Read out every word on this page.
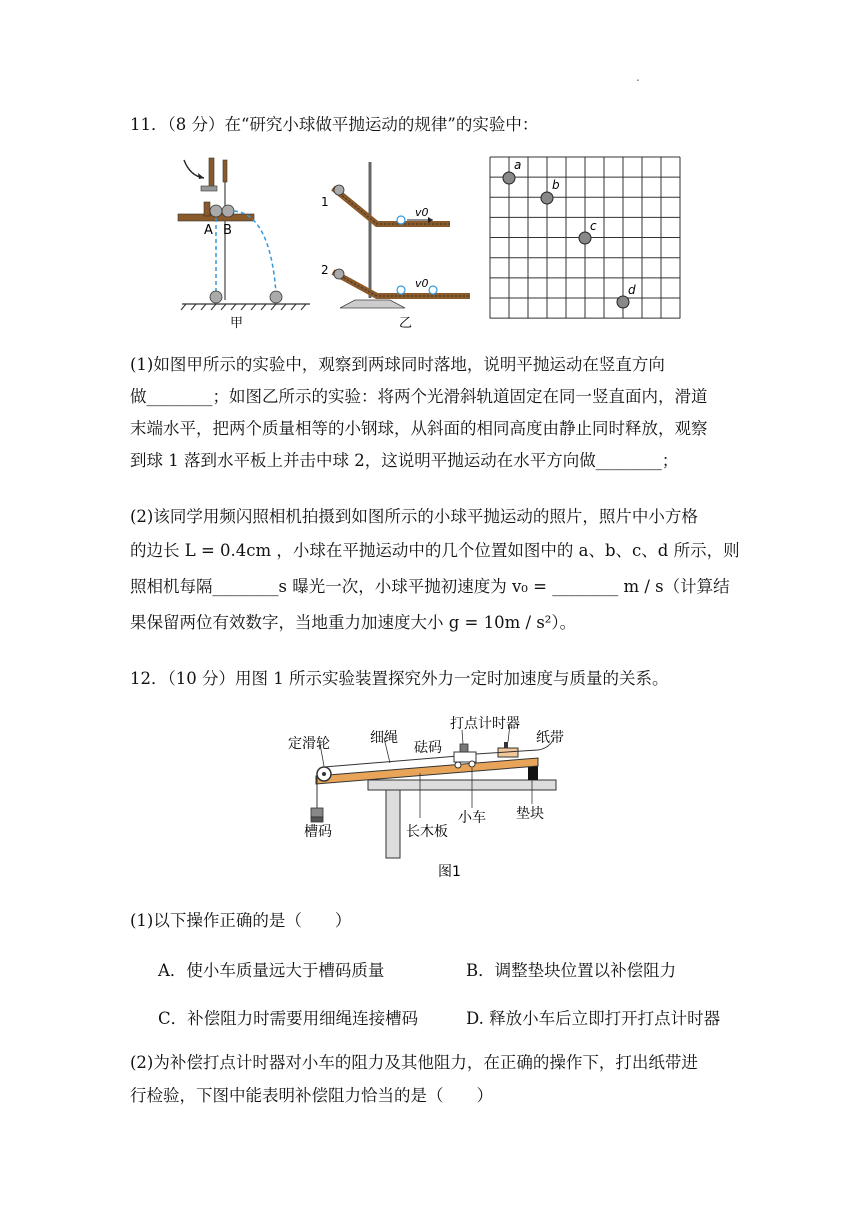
.
11．（8 分）在“研究小球做平抛运动的规律”的实验中：
A B
甲
1
2
v0
v0
乙
a
b
c
d
(1)如图甲所示的实验中，观察到两球同时落地，说明平抛运动在竖直方向
做________；如图乙所示的实验：将两个光滑斜轨道固定在同一竖直面内，滑道
末端水平，把两个质量相等的小钢球，从斜面的相同高度由静止同时释放，观察
到球 1 落到水平板上并击中球 2，这说明平抛运动在水平方向做________；
(2)该同学用频闪照相机拍摄到如图所示的小球平抛运动的照片，照片中小方格
的边长 L = 0.4cm ，小球在平抛运动中的几个位置如图中的 a、b、c、d 所示，则
照相机每隔________s 曝光一次，小球平抛初速度为 v₀ = ________ m / s（计算结
果保留两位有效数字，当地重力加速度大小 g = 10m / s²）。
12．（10 分）用图 1 所示实验装置探究外力一定时加速度与质量的关系。
定滑轮	细绳
砝码
打点计时器
纸带
槽码	长木板
小车 垫块
图1
(1)以下操作正确的是（　　）
A．使小车质量远大于槽码质量	B．调整垫块位置以补偿阻力
C．补偿阻力时需要用细绳连接槽码	D. 释放小车后立即打开打点计时器
(2)为补偿打点计时器对小车的阻力及其他阻力，在正确的操作下，打出纸带进
行检验，下图中能表明补偿阻力恰当的是（　　）
